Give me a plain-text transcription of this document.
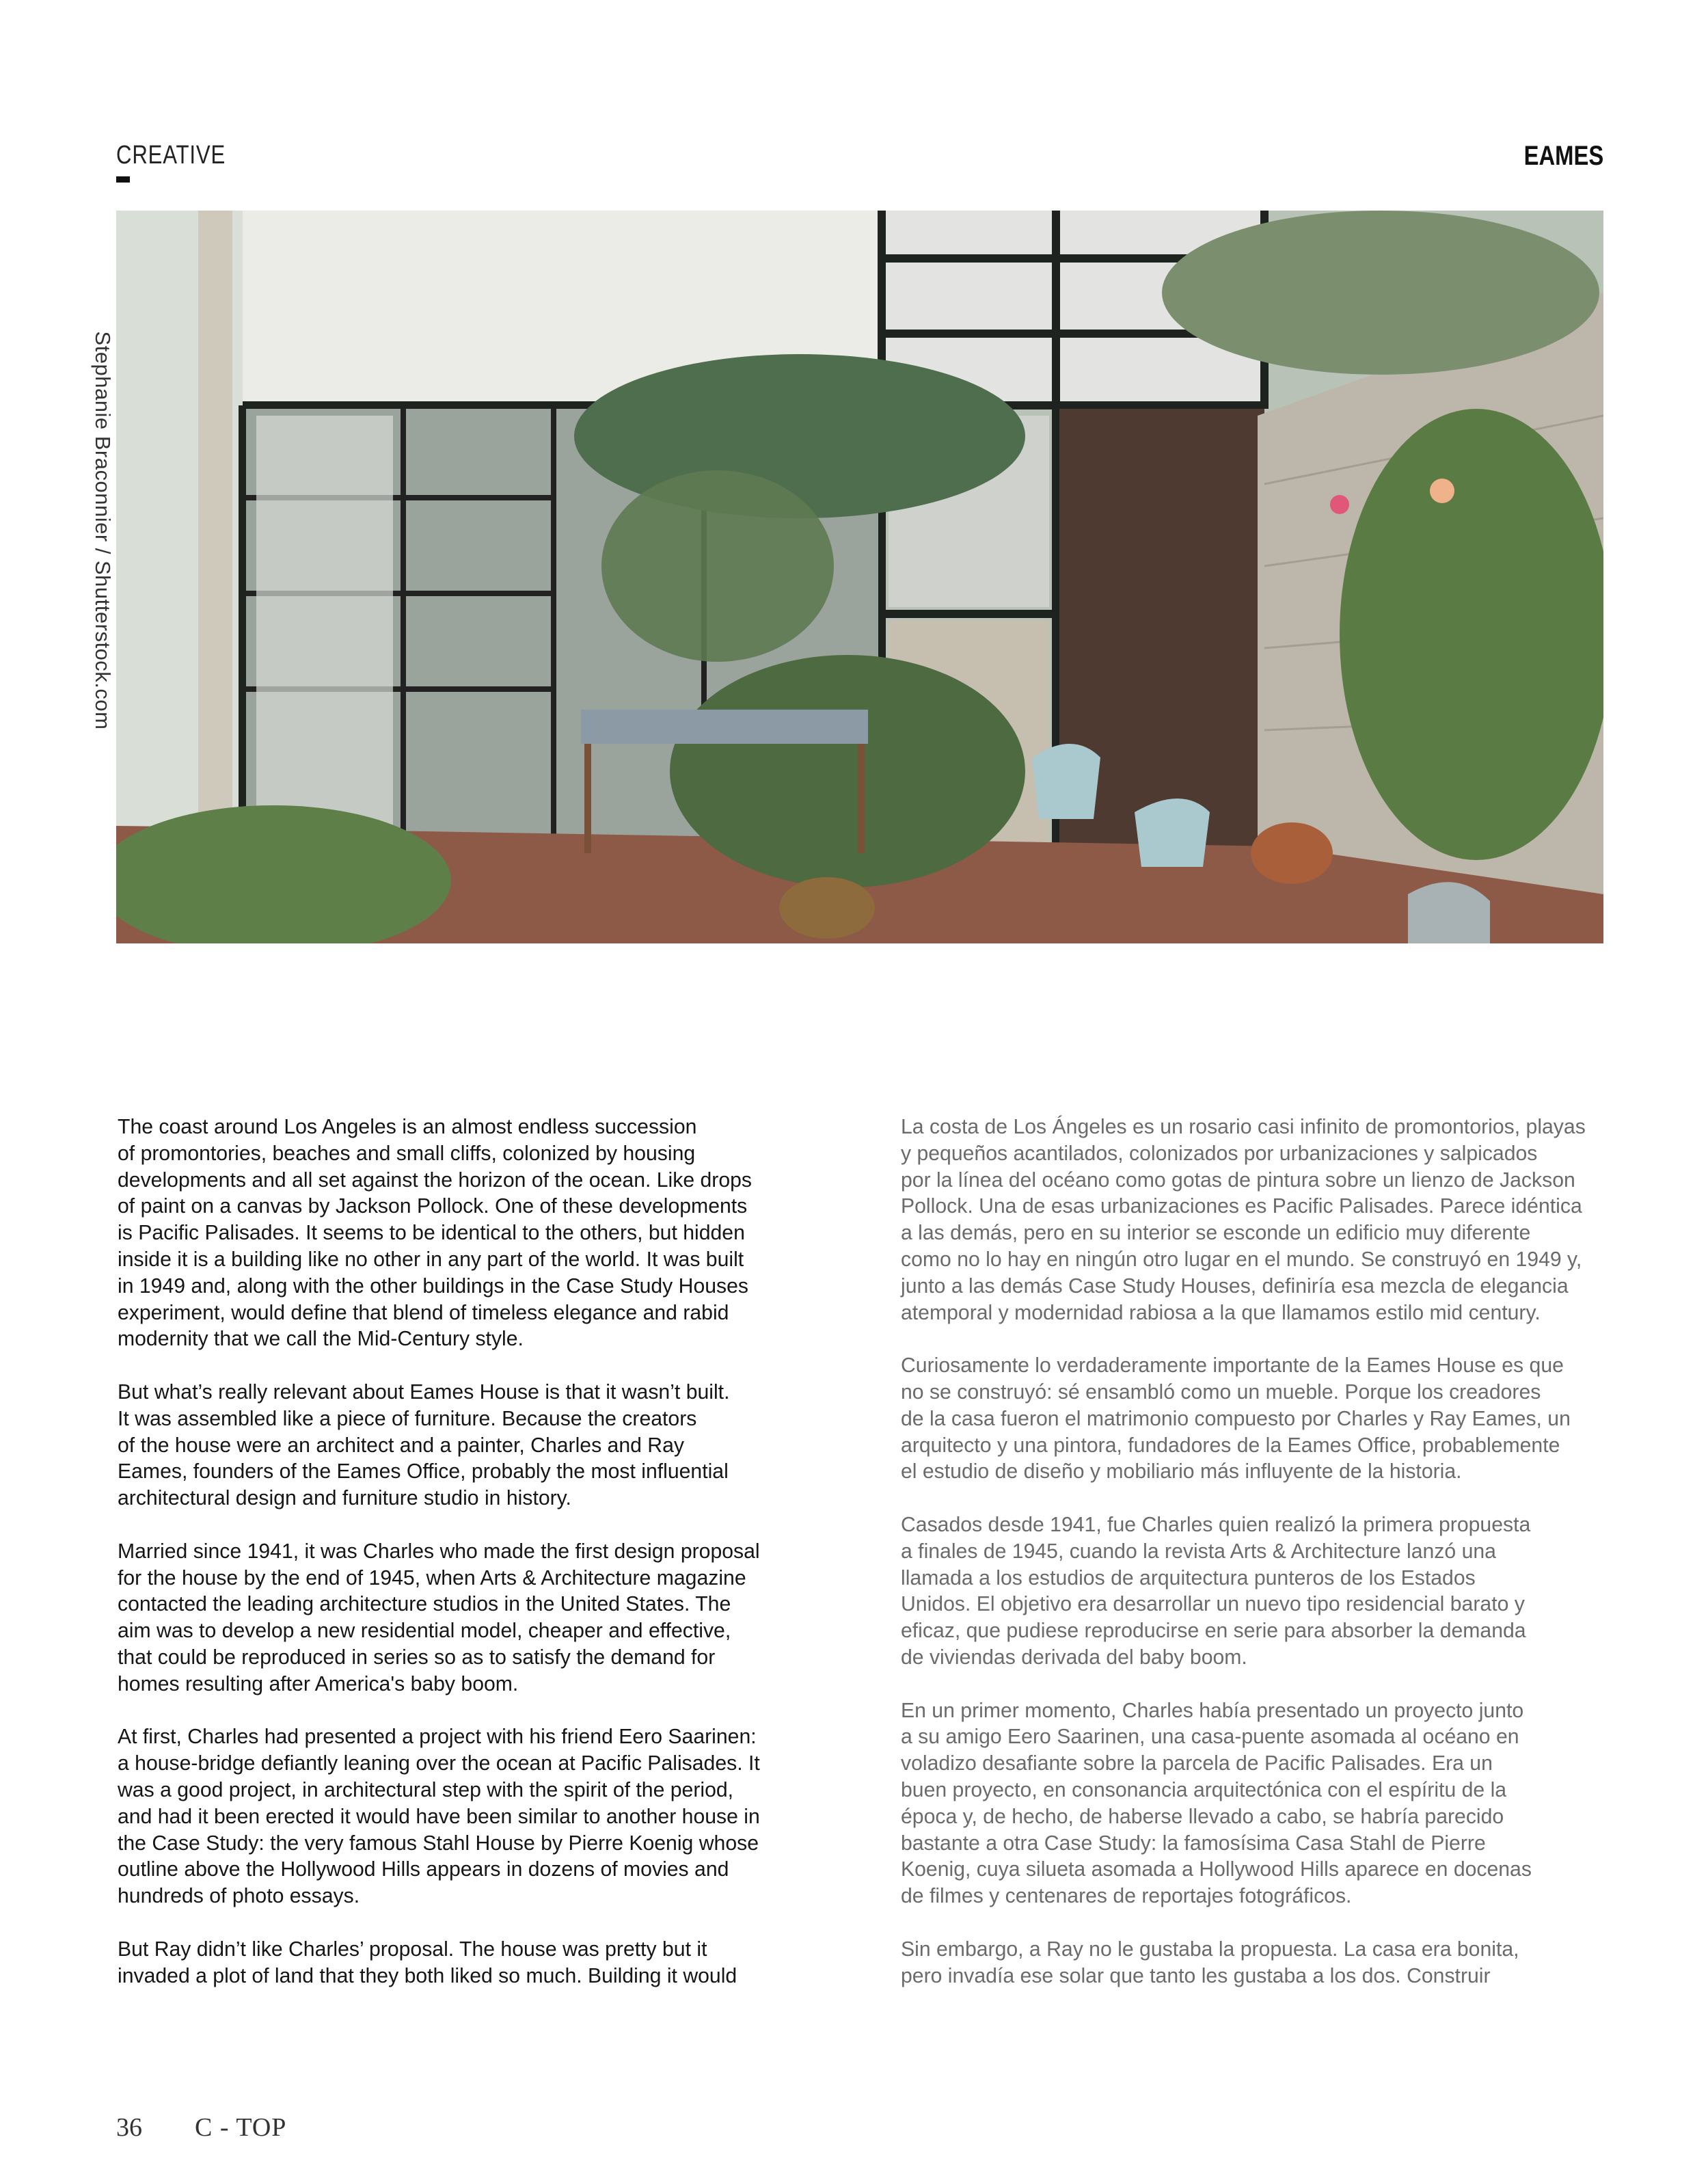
CREATIVE	EAMES
Stephanie Braconnier / Shutterstock.com

The coast around Los Angeles is an almost endless succession
of promontories, beaches and small cliffs, colonized by housing
developments and all set against the horizon of the ocean. Like drops
of paint on a canvas by Jackson Pollock. One of these developments
is Pacific Palisades. It seems to be identical to the others, but hidden
inside it is a building like no other in any part of the world. It was built
in 1949 and, along with the other buildings in the Case Study Houses
experiment, would define that blend of timeless elegance and rabid
modernity that we call the Mid-Century style.

But what’s really relevant about Eames House is that it wasn’t built.
It was assembled like a piece of furniture. Because the creators
of the house were an architect and a painter, Charles and Ray
Eames, founders of the Eames Office, probably the most influential
architectural design and furniture studio in history.

Married since 1941, it was Charles who made the first design proposal
for the house by the end of 1945, when Arts & Architecture magazine
contacted the leading architecture studios in the United States. The
aim was to develop a new residential model, cheaper and effective,
that could be reproduced in series so as to satisfy the demand for
homes resulting after America's baby boom.

At first, Charles had presented a project with his friend Eero Saarinen:
a house-bridge defiantly leaning over the ocean at Pacific Palisades. It
was a good project, in architectural step with the spirit of the period,
and had it been erected it would have been similar to another house in
the Case Study: the very famous Stahl House by Pierre Koenig whose
outline above the Hollywood Hills appears in dozens of movies and
hundreds of photo essays.

But Ray didn’t like Charles’ proposal. The house was pretty but it
invaded a plot of land that they both liked so much. Building it would

La costa de Los Ángeles es un rosario casi infinito de promontorios, playas
y pequeños acantilados, colonizados por urbanizaciones y salpicados
por la línea del océano como gotas de pintura sobre un lienzo de Jackson
Pollock. Una de esas urbanizaciones es Pacific Palisades. Parece idéntica
a las demás, pero en su interior se esconde un edificio muy diferente
como no lo hay en ningún otro lugar en el mundo. Se construyó en 1949 y,
junto a las demás Case Study Houses, definiría esa mezcla de elegancia
atemporal y modernidad rabiosa a la que llamamos estilo mid century.

Curiosamente lo verdaderamente importante de la Eames House es que
no se construyó: sé ensambló como un mueble. Porque los creadores
de la casa fueron el matrimonio compuesto por Charles y Ray Eames, un
arquitecto y una pintora, fundadores de la Eames Office, probablemente
el estudio de diseño y mobiliario más influyente de la historia.

Casados desde 1941, fue Charles quien realizó la primera propuesta
a finales de 1945, cuando la revista Arts & Architecture lanzó una
llamada a los estudios de arquitectura punteros de los Estados
Unidos. El objetivo era desarrollar un nuevo tipo residencial barato y
eficaz, que pudiese reproducirse en serie para absorber la demanda
de viviendas derivada del baby boom.

En un primer momento, Charles había presentado un proyecto junto
a su amigo Eero Saarinen, una casa-puente asomada al océano en
voladizo desafiante sobre la parcela de Pacific Palisades. Era un
buen proyecto, en consonancia arquitectónica con el espíritu de la
época y, de hecho, de haberse llevado a cabo, se habría parecido
bastante a otra Case Study: la famosísima Casa Stahl de Pierre
Koenig, cuya silueta asomada a Hollywood Hills aparece en docenas
de filmes y centenares de reportajes fotográficos.

Sin embargo, a Ray no le gustaba la propuesta. La casa era bonita,
pero invadía ese solar que tanto les gustaba a los dos. Construir

36 C - TOP
